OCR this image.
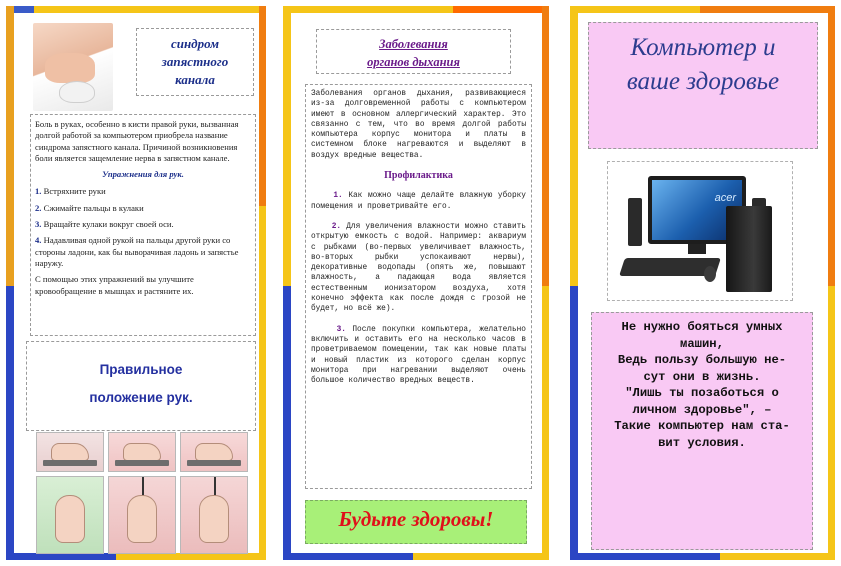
синдром
запястного
канала
Боль в руках, особенно в кисти правой руки, вызванная долгой работой за компьютером приобрела название синдрома запястного канала. Причиной возникновения боли является защемление нерва в запястном канале.
Упражнения для рук.
1. Встряхните руки
2. Сжимайте пальцы в кулаки
3. Вращайте кулаки вокруг своей оси.
4. Надавливая одной рукой на пальцы другой руки со стороны ладони, как бы выворачивая ладонь и запястье наружу.
С помощью этих упражнений вы улучшите кровообращение в мышцах и растяните их.
Правильное
положение рук.
Заболевания
органов дыхания

Заболевания органов дыхания, развивающиеся из-за долговременной работы с компьютером имеют в основном аллергический характер. Это связанно с тем, что во время долгой работы компьютера корпус монитора и платы в системном блоке нагреваются и выделяют в воздух вредные вещества.

Профилактика

1. Как можно чаще делайте влажную уборку помещения и проветривайте его.

2. Для увеличения влажности можно ставить открытую емкость с водой. Например: аквариум с рыбками (во-первых увеличивает влажность, во-вторых рыбки успокаивают нервы), декоративные водопады (опять же, повышают влажность, а падающая вода является естественным ионизатором воздуха, хотя конечно эффекта как после дождя с грозой не будет, но всё же).

3. После покупки компьютера, желательно включить и оставить его на несколько часов в проветриваемом помещении, так как новые платы и новый пластик из которого сделан корпус монитора при нагревании выделяют очень большое количество вредных веществ.

Будьте здоровы!
Компьютер и
ваше здоровье
acer
Не нужно бояться умных
машин,
Ведь пользу большую не-
сут они в жизнь.
"Лишь ты позаботься о
личном здоровье", –
Такие компьютер нам ста-
вит условия.
